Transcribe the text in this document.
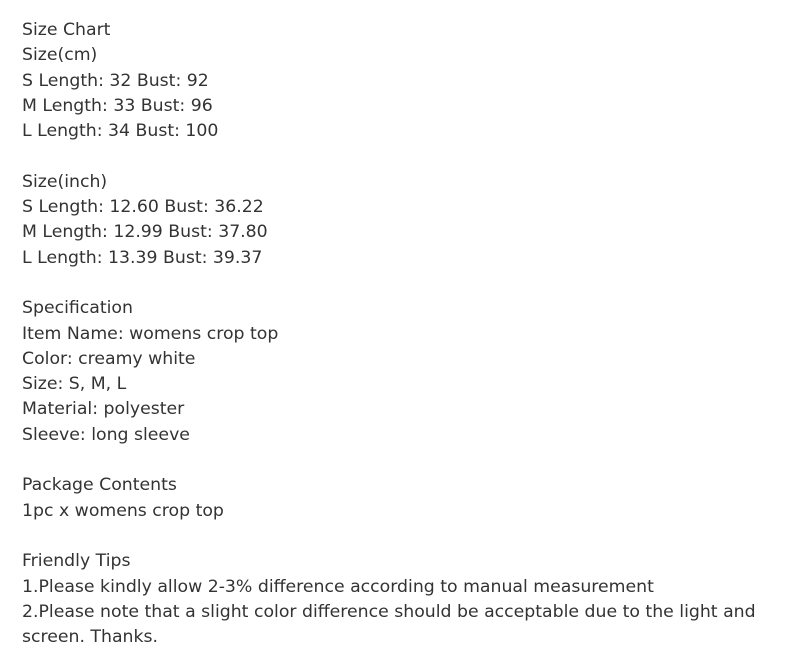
Size Chart

Size(cm)

S Length: 32 Bust: 92

M Length: 33 Bust: 96

L Length: 34 Bust: 100

Size(inch)

S Length: 12.60 Bust: 36.22

M Length: 12.99 Bust: 37.80

L Length: 13.39 Bust: 39.37

Specification

Item Name: womens crop top

Color: creamy white

Size: S, M, L

Material: polyester

Sleeve: long sleeve

Package Contents

1pc x womens crop top

Friendly Tips

1.Please kindly allow 2-3% difference according to manual measurement

2.Please note that a slight color difference should be acceptable due to the light and screen. Thanks.
